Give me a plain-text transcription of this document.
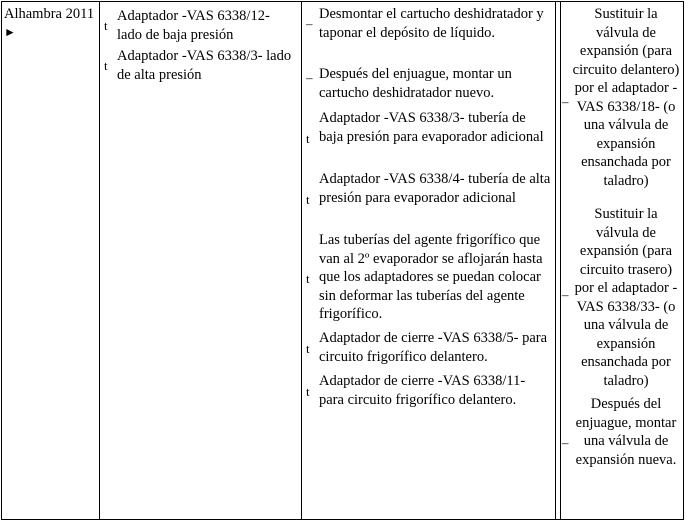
Alhambra 2011 ►	t
Adaptador -VAS 6338/12- lado de baja presión
t
Adaptador -VAS 6338/3- lado de alta presión
–
Desmontar el cartucho deshidratador y taponar el depósito de líquido.
– Después del enjuague, montar un cartucho deshidratador nuevo.
t
Adaptador -VAS 6338/3- tubería de baja presión para evaporador adicional
t
Adaptador -VAS 6338/4- tubería de alta presión para evaporador adicional
t
Las tuberías del agente frigorífico que van al 2º evaporador se aflojarán hasta que los adaptadores se puedan colocar sin deformar las tuberías del agente frigorífico.
t
Adaptador de cierre -VAS 6338/5- para circuito frigorífico delantero.
t
Adaptador de cierre -VAS 6338/11- para circuito frigorífico delantero.
–
Sustituir la válvula de expansión (para circuito delantero) por el adaptador -VAS 6338/18- (o una válvula de expansión ensanchada por taladro)
–
Sustituir la válvula de expansión (para circuito trasero) por el adaptador -VAS 6338/33- (o una válvula de expansión ensanchada por taladro)
–
Después del enjuague, montar una válvula de expansión nueva.
